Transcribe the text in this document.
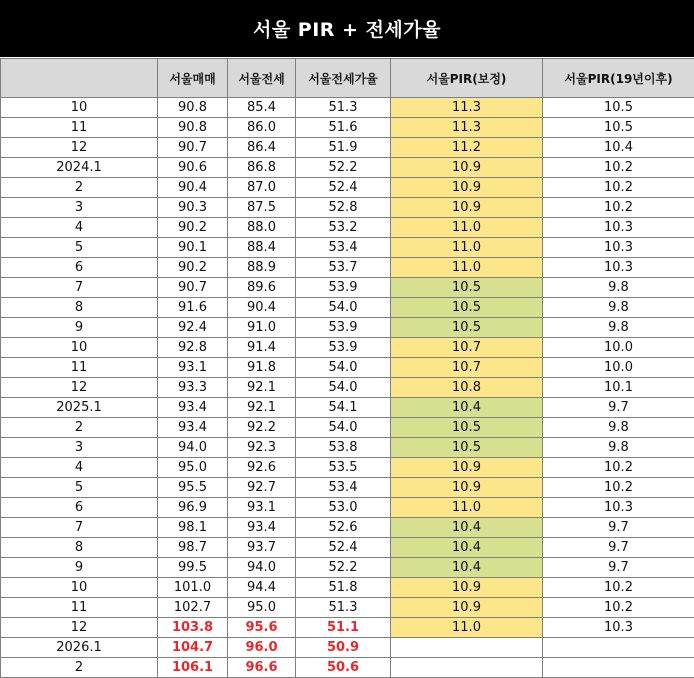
서울 PIR + 전세가율
	서울매매	서울전세	서울전세가율	서울PIR(보정)	서울PIR(19년이후)
10	90.8	85.4	51.3	11.3	10.5
11	90.8	86.0	51.6	11.3	10.5
12	90.7	86.4	51.9	11.2	10.4
2024.1	90.6	86.8	52.2	10.9	10.2
2	90.4	87.0	52.4	10.9	10.2
3	90.3	87.5	52.8	10.9	10.2
4	90.2	88.0	53.2	11.0	10.3
5	90.1	88.4	53.4	11.0	10.3
6	90.2	88.9	53.7	11.0	10.3
7	90.7	89.6	53.9	10.5	9.8
8	91.6	90.4	54.0	10.5	9.8
9	92.4	91.0	53.9	10.5	9.8
10	92.8	91.4	53.9	10.7	10.0
11	93.1	91.8	54.0	10.7	10.0
12	93.3	92.1	54.0	10.8	10.1
2025.1	93.4	92.1	54.1	10.4	9.7
2	93.4	92.2	54.0	10.5	9.8
3	94.0	92.3	53.8	10.5	9.8
4	95.0	92.6	53.5	10.9	10.2
5	95.5	92.7	53.4	10.9	10.2
6	96.9	93.1	53.0	11.0	10.3
7	98.1	93.4	52.6	10.4	9.7
8	98.7	93.7	52.4	10.4	9.7
9	99.5	94.0	52.2	10.4	9.7
10	101.0	94.4	51.8	10.9	10.2
11	102.7	95.0	51.3	10.9	10.2
12	103.8	95.6	51.1	11.0	10.3
2026.1	104.7	96.0	50.9		
2	106.1	96.6	50.6		
